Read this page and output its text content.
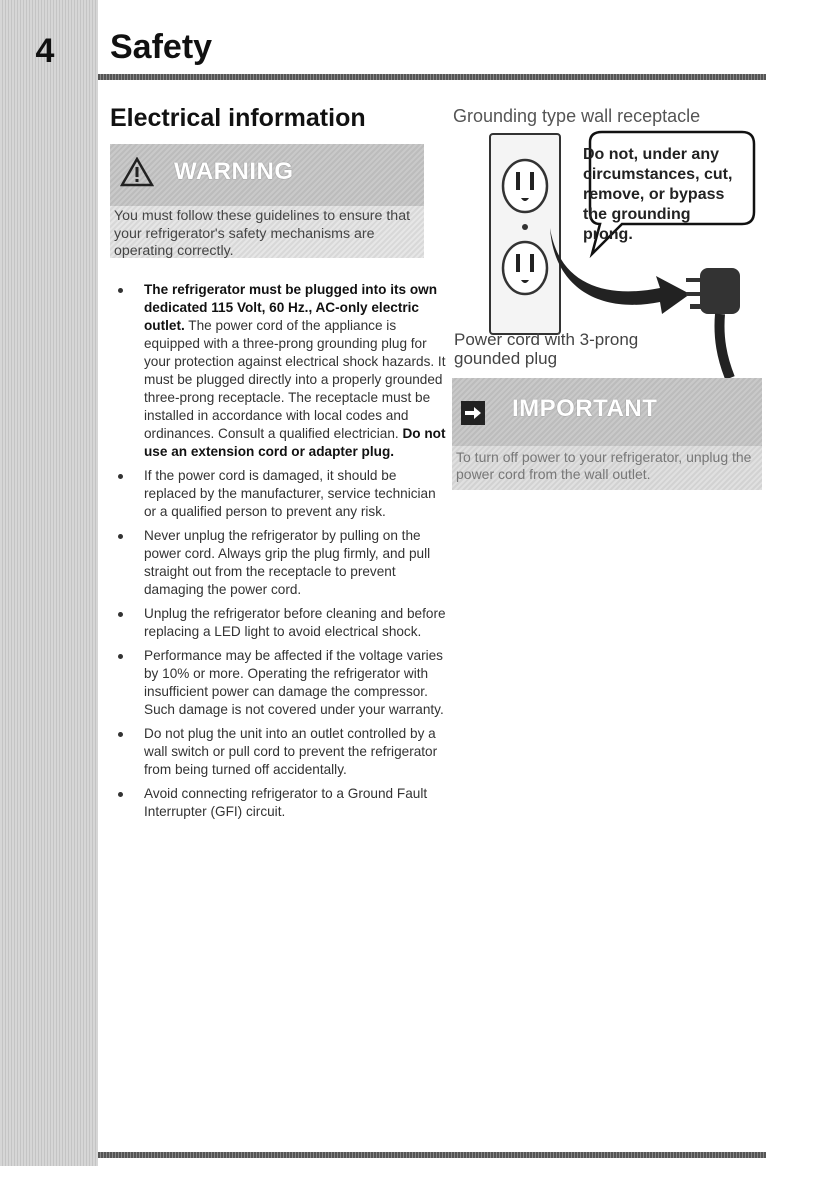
4	Safety
Electrical information
WARNING
You must follow these guidelines to ensure that your refrigerator's safety mechanisms are operating correctly.
The refrigerator must be plugged into its own dedicated 115 Volt, 60 Hz., AC-only electric outlet. The power cord of the appliance is equipped with a three-prong grounding plug for your protection against electrical shock hazards. It must be plugged directly into a properly grounded three-prong receptacle. The receptacle must be installed in accordance with local codes and ordinances. Consult a qualified electrician. Do not use an extension cord or adapter plug.
If the power cord is damaged, it should be replaced by the manufacturer, service technician or a qualified person to prevent any risk.
Never unplug the refrigerator by pulling on the power cord. Always grip the plug firmly, and pull straight out from the receptacle to prevent damaging the power cord.
Unplug the refrigerator before cleaning and before replacing a LED light to avoid electrical shock.
Performance may be affected if the voltage varies by 10% or more. Operating the refrigerator with insufficient power can damage the compressor. Such damage is not covered under your warranty.
Do not plug the unit into an outlet controlled by a wall switch or pull cord to prevent the refrigerator from being turned off accidentally.
Avoid connecting refrigerator to a Ground Fault Interrupter (GFI) circuit.
Grounding type wall receptacle
Do not, under any circumstances, cut, remove, or bypass the grounding prong.
Power cord with 3-prong gounded plug
IMPORTANT
To turn off power to your refrigerator, unplug the power cord from the wall outlet.
